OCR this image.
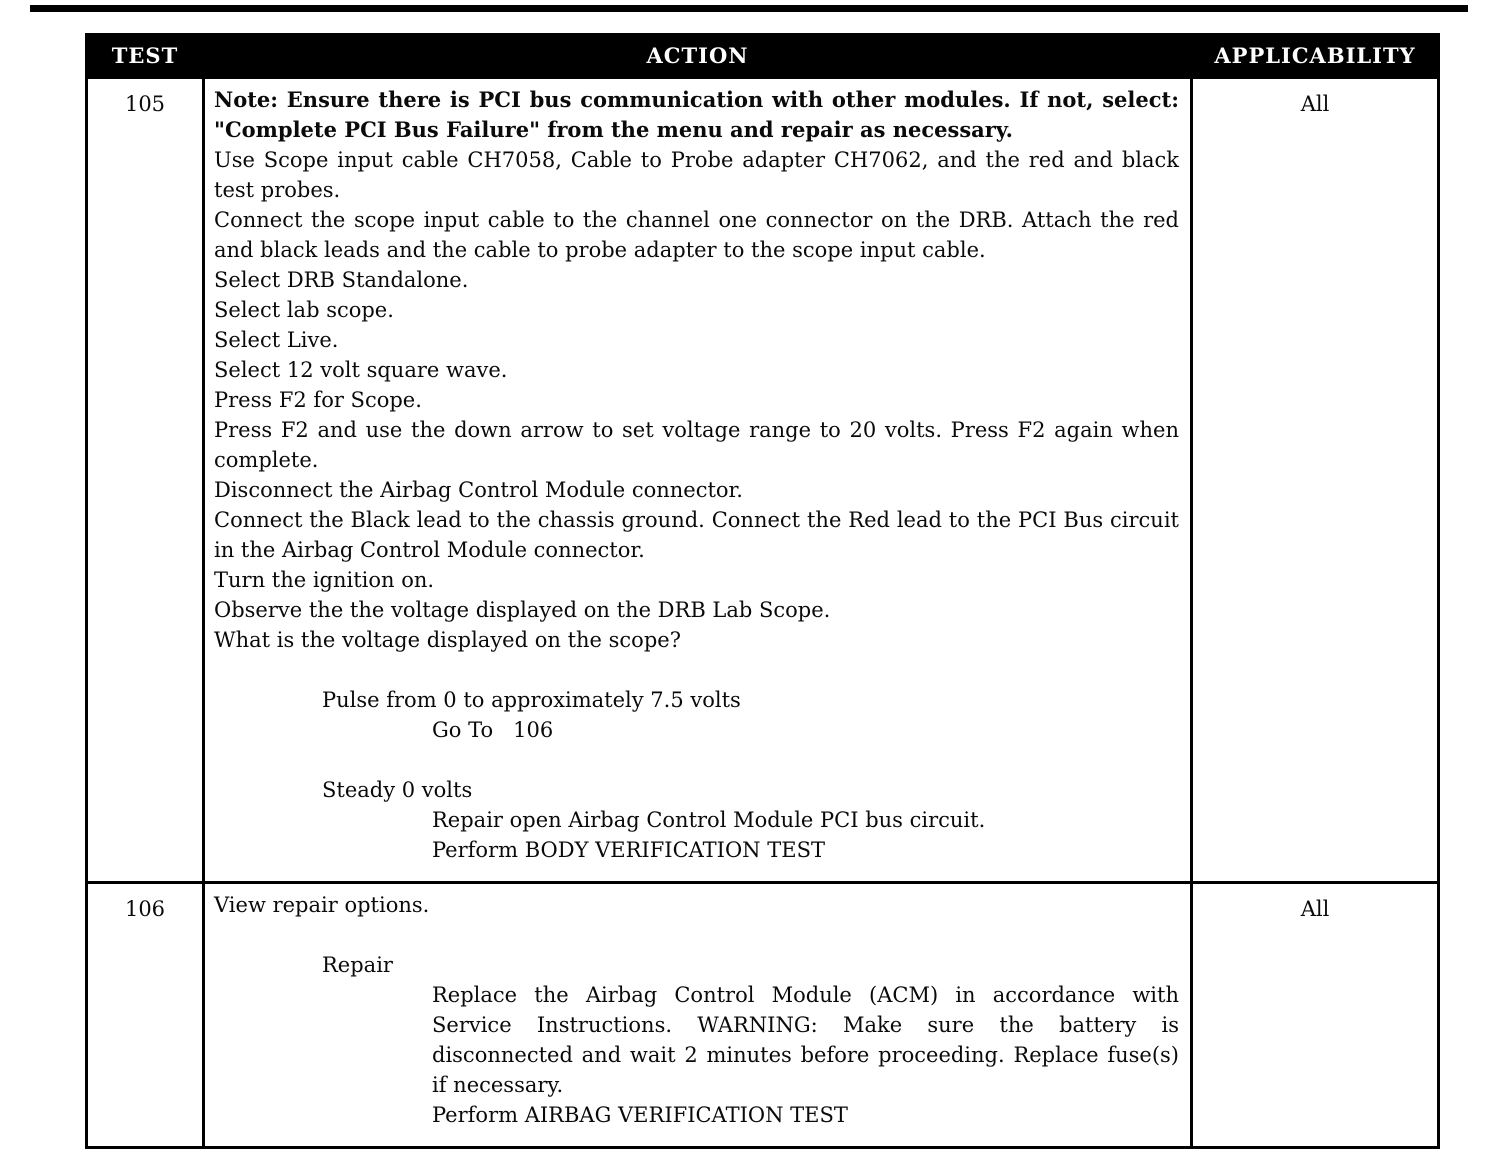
TEST	ACTION	APPLICABILITY
105	Note: Ensure there is PCI bus communication with other modules. If not, select: "Complete PCI Bus Failure" from the menu and repair as necessary.
Use Scope input cable CH7058, Cable to Probe adapter CH7062, and the red and black test probes.
Connect the scope input cable to the channel one connector on the DRB. Attach the red and black leads and the cable to probe adapter to the scope input cable.
Select DRB Standalone.
Select lab scope.
Select Live.
Select 12 volt square wave.
Press F2 for Scope.
Press F2 and use the down arrow to set voltage range to 20 volts. Press F2 again when complete.
Disconnect the Airbag Control Module connector.
Connect the Black lead to the chassis ground. Connect the Red lead to the PCI Bus circuit in the Airbag Control Module connector.
Turn the ignition on.
Observe the the voltage displayed on the DRB Lab Scope.
What is the voltage displayed on the scope?
Pulse from 0 to approximately 7.5 volts
Go To   106
Steady 0 volts
Repair open Airbag Control Module PCI bus circuit.
Perform BODY VERIFICATION TEST
	All
106	View repair options.
Repair
Replace the Airbag Control Module (ACM) in accordance with Service Instructions. WARNING: Make sure the battery is disconnected and wait 2 minutes before proceeding. Replace fuse(s) if necessary.
Perform AIRBAG VERIFICATION TEST	All
